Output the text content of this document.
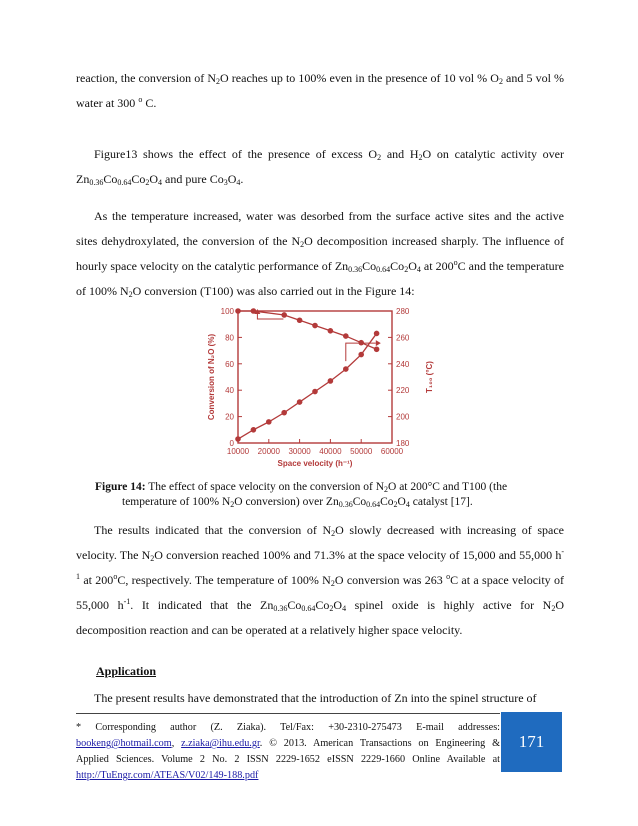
reaction, the conversion of $N_2O$ reaches up to 100% even in the presence of 10 vol % $O_2$ and 5 vol % water at 300 $^o$ C.

Figure13 shows the effect of the presence of excess $O_2$ and $H_2O$ on catalytic activity over $Zn_{0.36}Co_{0.64}Co_2O_4$ and pure $Co_3O_4$.

As the temperature increased, water was desorbed from the surface active sites and the active sites dehydroxylated, the conversion of the $N_2O$ decomposition increased sharply. The influence of hourly space velocity on the catalytic performance of $Zn_{0.36}Co_{0.64}Co_2O_4$ at 200$^o$C and the temperature of 100% $N_2O$ conversion (T100) was also carried out in the Figure 14:

0
20
40
60
80
100
180
200
220
240
260
280
10000 20000 30000 40000 50000 60000
Space velocity (h⁻¹)
Conversion of N₂O (%)	T₁₀₀ (°C)
Figure 14: The effect of space velocity on the conversion of $N_2O$ at 200°C and T100 (the
temperature of 100% $N_2O$ conversion) over $Zn_{0.36}Co_{0.64}Co_2O_4$ catalyst [17].

The results indicated that the conversion of $N_2O$ slowly decreased with increasing of space velocity. The $N_2O$ conversion reached 100% and 71.3% at the space velocity of 15,000 and 55,000 $h^{-1}$ at 200$^o$C, respectively. The temperature of 100% $N_2O$ conversion was 263 $^o$C at a space velocity of 55,000 $h^{-1}$. It indicated that the $Zn_{0.36}Co_{0.64}Co_2O_4$ spinel oxide is highly active for $N_2O$ decomposition reaction and can be operated at a relatively higher space velocity.

Application

The present results have demonstrated that the introduction of Zn into the spinel structure of

* Corresponding author (Z. Ziaka). Tel/Fax: +30-2310-275473 E-mail addresses: bookeng@hotmail.com, z.ziaka@ihu.edu.gr. © 2013. American Transactions on Engineering & Applied Sciences. Volume 2 No. 2 ISSN 2229-1652 eISSN 2229-1660 Online Available at http://TuEngr.com/ATEAS/V02/149-188.pdf

171
